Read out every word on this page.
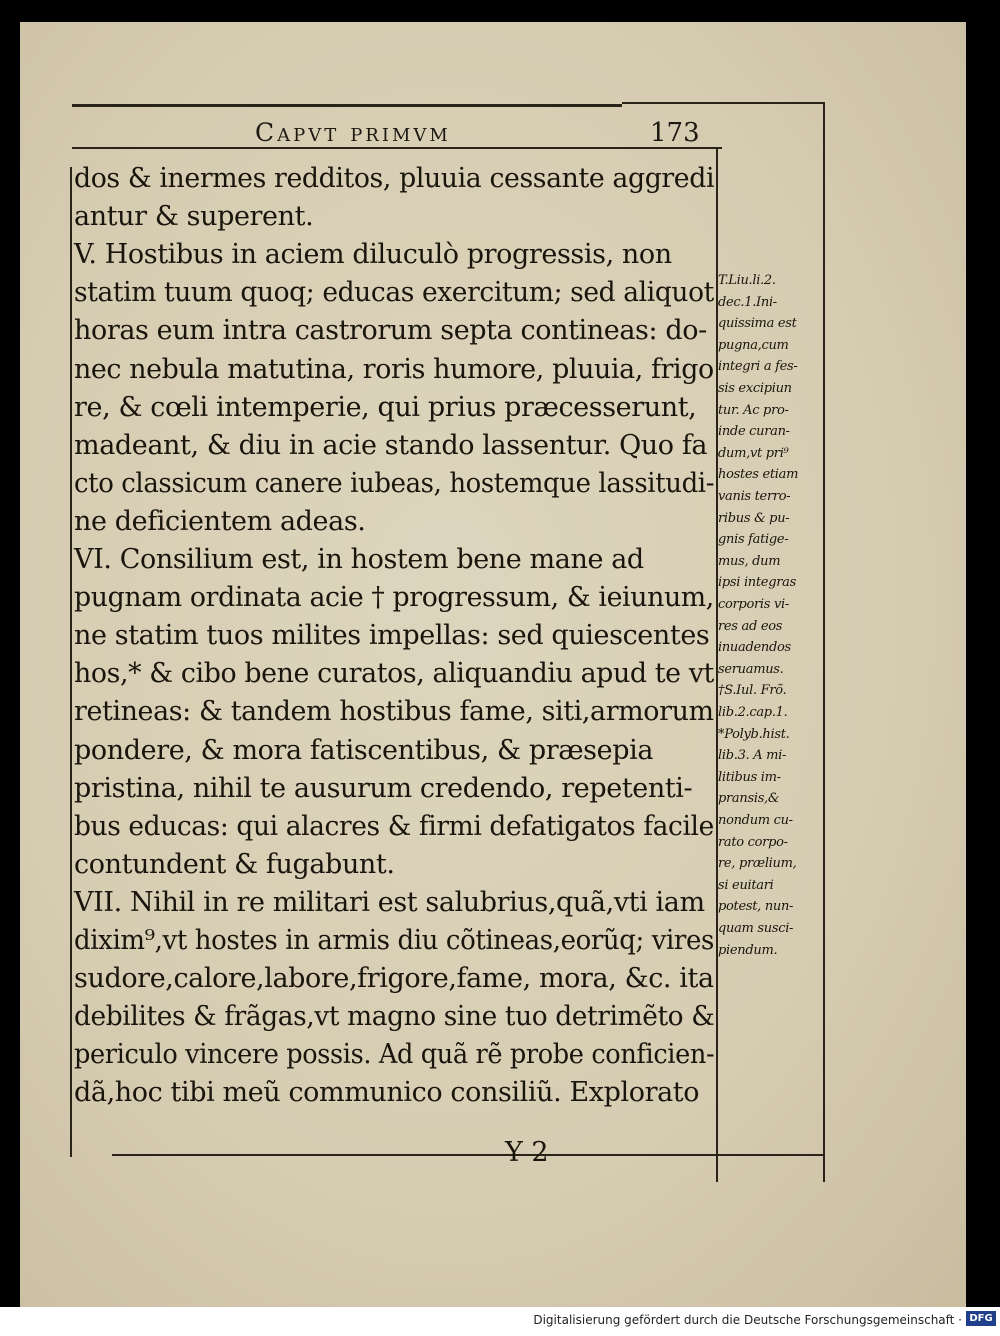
Capvt primvm	173
dos & inermes redditos, pluuia cessante aggredi
antur & superent.
V. Hostibus in aciem diluculò progressis, non
statim tuum quoq; educas exercitum; sed aliquot
horas eum intra castrorum septa contineas: do-
nec nebula matutina, roris humore, pluuia, frigo
re, & cœli intemperie, qui prius præcesserunt,
madeant, & diu in acie stando lassentur. Quo fa
cto classicum canere iubeas, hostemque lassitudi-
ne deficientem adeas.
VI. Consilium est, in hostem bene mane ad
pugnam ordinata acie † progressum, & ieiunum,
ne statim tuos milites impellas: sed quiescentes
hos,* & cibo bene curatos, aliquandiu apud te vt
retineas: & tandem hostibus fame, siti,armorum
pondere, & mora fatiscentibus, & præsepia
pristina, nihil te ausurum credendo, repetenti-
bus educas: qui alacres & firmi defatigatos facile
contundent & fugabunt.
VII. Nihil in re militari est salubrius,quã,vti iam
dixim⁹,vt hostes in armis diu cõtineas,eorũq; vires
sudore,calore,labore,frigore,fame, mora, &c. ita
debilites & frãgas,vt magno sine tuo detrimẽto &
periculo vincere possis. Ad quã rẽ probe conficien-
dã,hoc tibi meũ communico consiliũ. Explorato
T.Liu.li.2.
dec.1.Ini-
quissima est
pugna,cum
integri a fes-
sis excipiun
tur. Ac pro-
inde curan-
dum,vt pri⁹
hostes etiam
vanis terro-
ribus & pu-
gnis fatige-
mus, dum
ipsi integras
corporis vi-
res ad eos
inuadendos
seruamus.
†S.Iul. Frõ.
lib.2.cap.1.
*Polyb.hist.
lib.3. A mi-
litibus im-
pransis,&
nondum cu-
rato corpo-
re, prælium,
si euitari
potest, nun-
quam susci-
piendum.
Y 2
Digitalisierung gefördert durch die Deutsche Forschungsgemeinschaft · DFG
